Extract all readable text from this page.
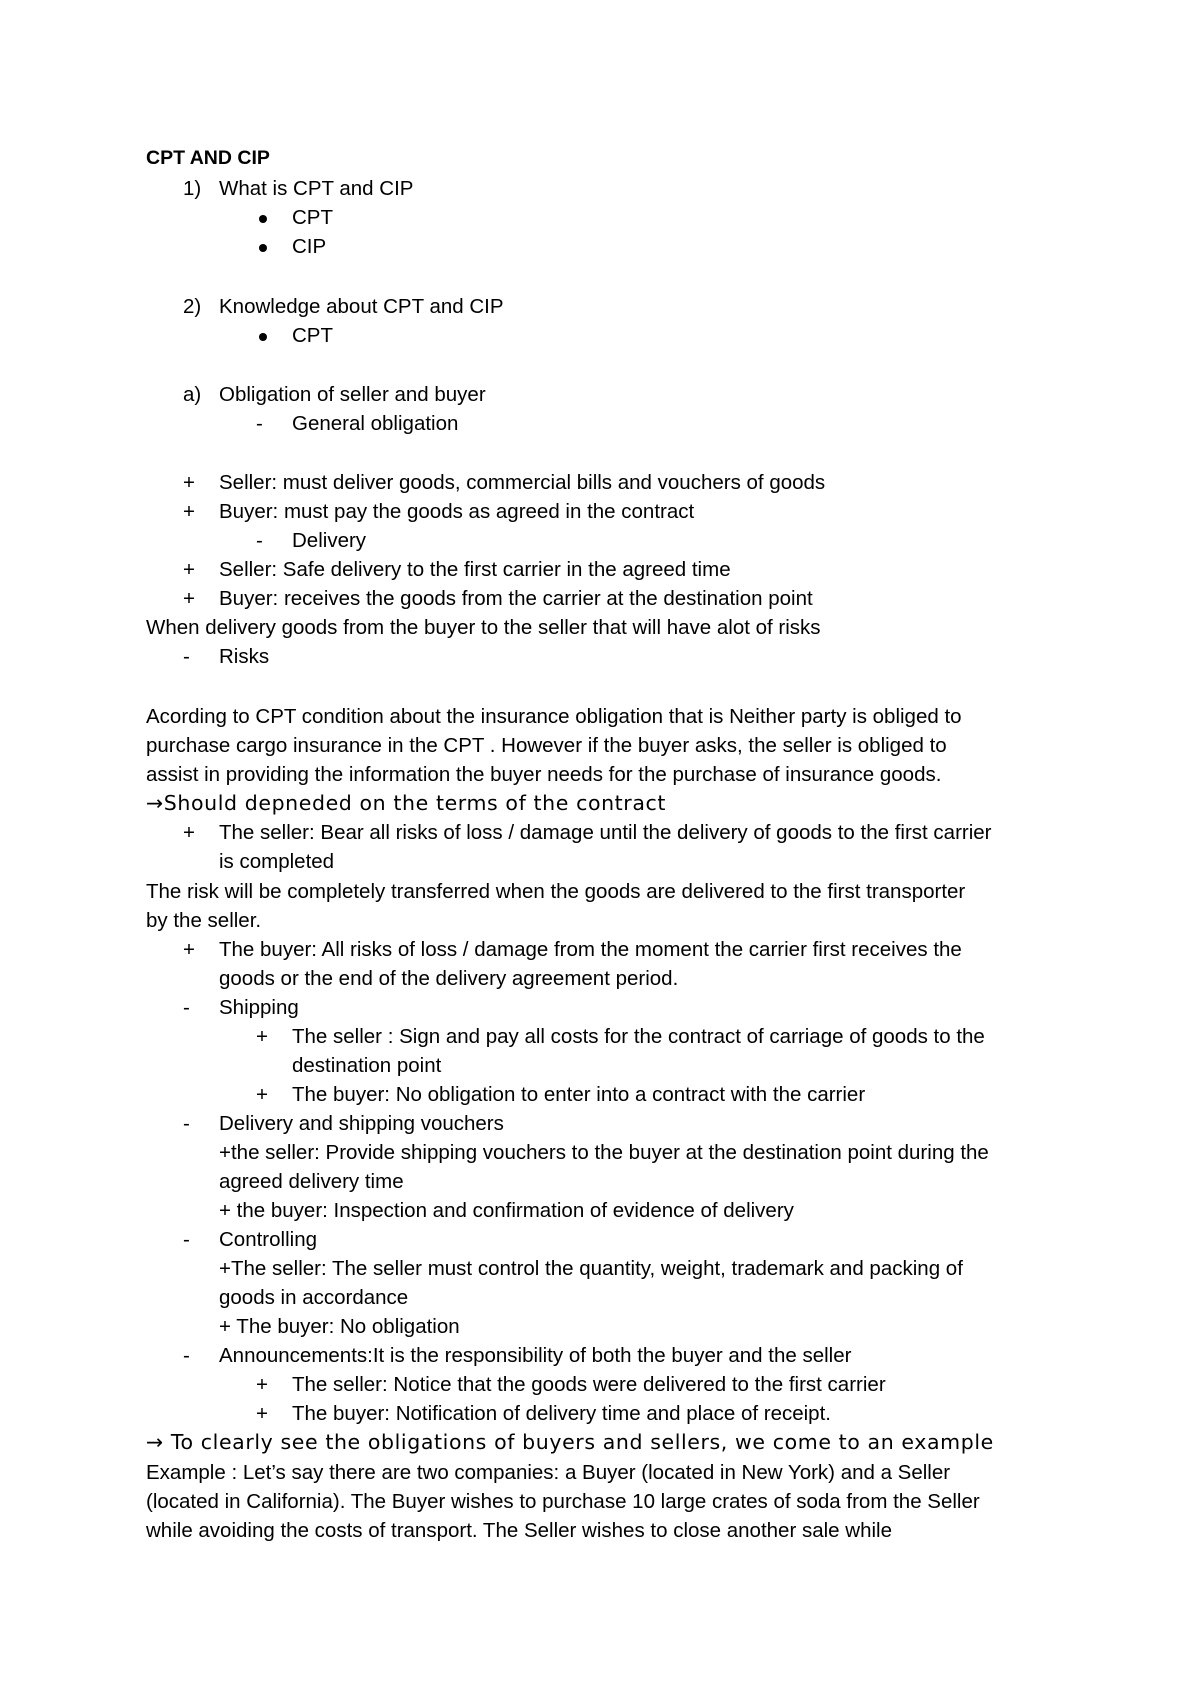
CPT AND CIP
1) What is CPT and CIP
CPT
CIP
2) Knowledge about CPT and CIP
CPT
a) Obligation of seller and buyer
- General obligation
+ Seller: must deliver goods, commercial bills and vouchers of goods
+ Buyer: must pay the goods as agreed in the contract
- Delivery
+ Seller: Safe delivery to the first carrier in the agreed time
+ Buyer: receives the goods from the carrier at the destination point
When delivery goods from the buyer to the seller that will have alot of risks
- Risks
Acording to CPT condition about the insurance obligation that is Neither party is obliged to
purchase cargo insurance in the CPT . However if the buyer asks, the seller is obliged to
assist in providing the information the buyer needs for the purchase of insurance goods.
→Should depneded on the terms of the contract
+ The seller: Bear all risks of loss / damage until the delivery of goods to the first carrier
is completed
The risk will be completely transferred when the goods are delivered to the first transporter
by the seller.
+ The buyer: All risks of loss / damage from the moment the carrier first receives the
goods or the end of the delivery agreement period.
- Shipping
+ The seller : Sign and pay all costs for the contract of carriage of goods to the
destination point
+ The buyer: No obligation to enter into a contract with the carrier
- Delivery and shipping vouchers
+the seller: Provide shipping vouchers to the buyer at the destination point during the
agreed delivery time
+ the buyer: Inspection and confirmation of evidence of delivery
- Controlling
+The seller: The seller must control the quantity, weight, trademark and packing of
goods in accordance
+ The buyer: No obligation
- Announcements:It is the responsibility of both the buyer and the seller
+ The seller: Notice that the goods were delivered to the first carrier
+ The buyer: Notification of delivery time and place of receipt.
→ To clearly see the obligations of buyers and sellers, we come to an example
Example : Let’s say there are two companies: a Buyer (located in New York) and a Seller
(located in California). The Buyer wishes to purchase 10 large crates of soda from the Seller
while avoiding the costs of transport. The Seller wishes to close another sale while
